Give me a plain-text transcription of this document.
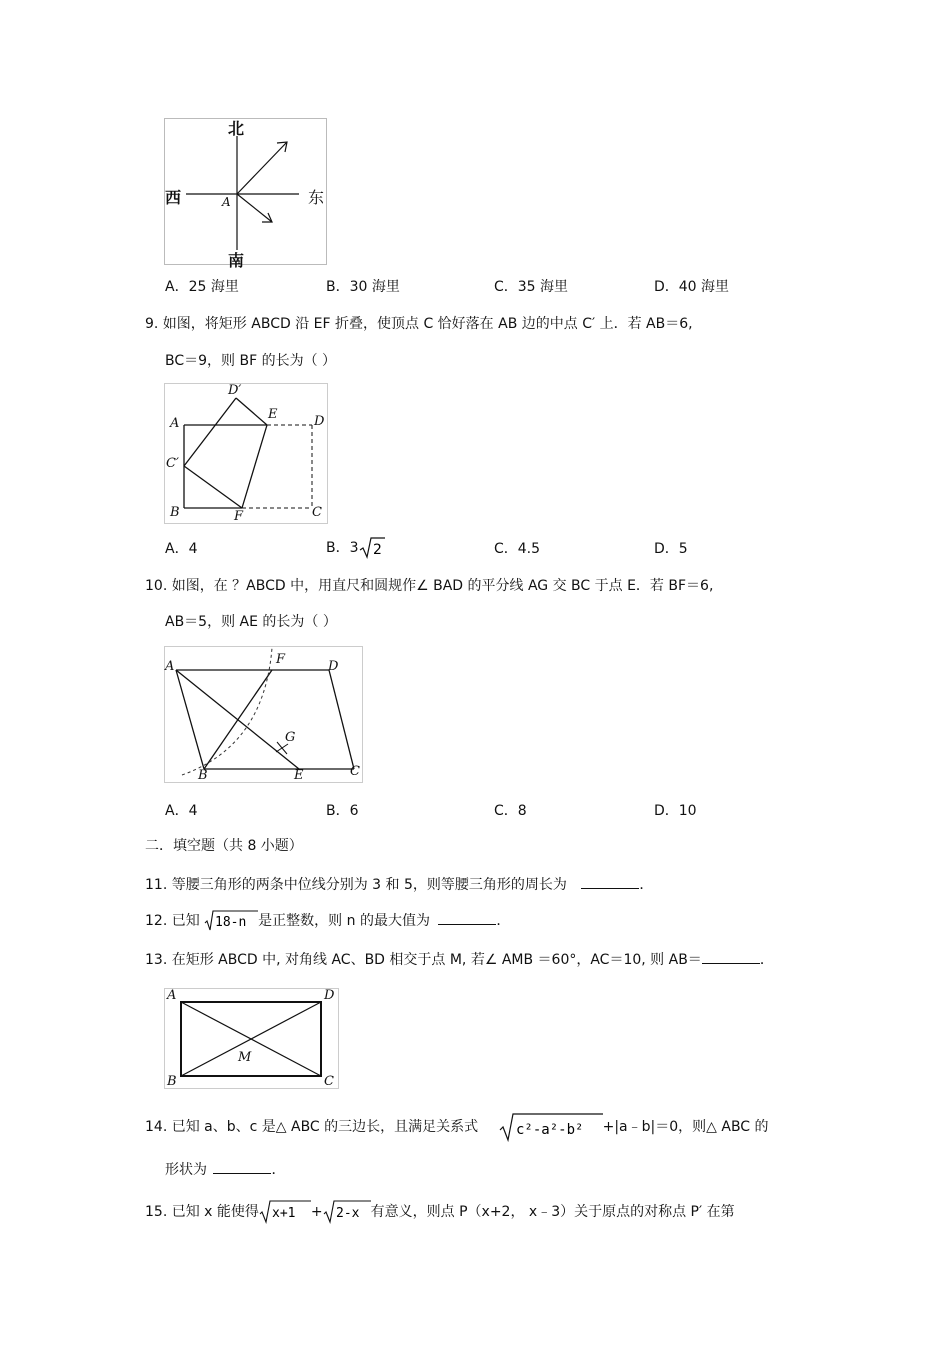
北
南
西	东
A
A．25 海里	B．30 海里	C．35 海里	D．40 海里
9. 如图，将矩形 ABCD 沿 EF 折叠，使顶点 C 恰好落在 AB 边的中点 C′ 上．若 AB＝6,
BC＝9，则 BF 的长为（ ）
D′
E
A	D
C′
B	F	C
A．4	B．3 2	C．4.5	D．5
10. 如图，在 ？ABCD 中，用直尺和圆规作∠ BAD 的平分线 AG 交 BC 于点 E．若 BF＝6,
AB＝5，则 AE 的长为（ ）
A	F	D
G
B	E	C
A．4	B．6	C．8	D．10
二．填空题（共 8 小题）
11. 等腰三角形的两条中位线分别为 3 和 5，则等腰三角形的周长为	．
12. 已知 18-n 是正整数，则 n 的最大值为	．
13. 在矩形 ABCD 中, 对角线 AC、BD 相交于点 M, 若∠ AMB ＝60°，AC＝10, 则 AB＝	．
A	D
M
B	C
14. 已知 a、b、c 是△ ABC 的三边长，且满足关系式	c²-a²-b² +|a﹣b|＝0，则△ ABC 的
形状为	．
15. 已知 x 能使得 x+1 + 2-x 有意义，则点 P（x+2， x﹣3）关于原点的对称点 P′ 在第
